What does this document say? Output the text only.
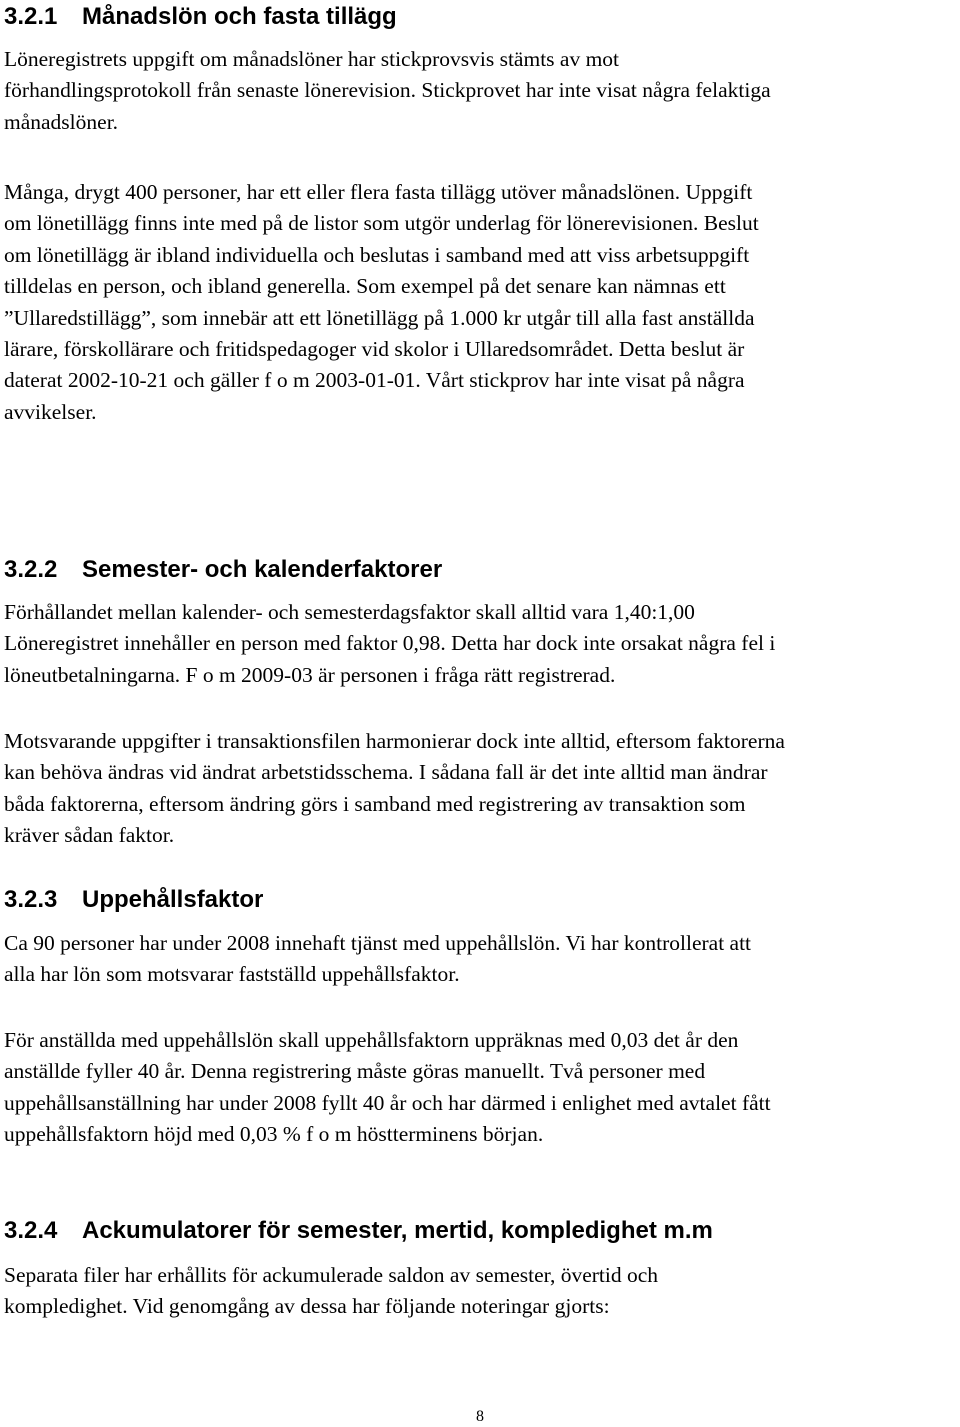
3.2.1 Månadslön och fasta tillägg

Löneregistrets uppgift om månadslöner har stickprovsvis stämts av mot
förhandlingsprotokoll från senaste lönerevision. Stickprovet har inte visat några felaktiga
månadslöner.

Många, drygt 400 personer, har ett eller flera fasta tillägg utöver månadslönen. Uppgift
om lönetillägg finns inte med på de listor som utgör underlag för lönerevisionen. Beslut
om lönetillägg är ibland individuella och beslutas i samband med att viss arbetsuppgift
tilldelas en person, och ibland generella. Som exempel på det senare kan nämnas ett
”Ullaredstillägg”, som innebär att ett lönetillägg på 1.000 kr utgår till alla fast anställda
lärare, förskollärare och fritidspedagoger vid skolor i Ullaredsområdet. Detta beslut är
daterat 2002-10-21 och gäller f o m 2003-01-01. Vårt stickprov har inte visat på några
avvikelser.

3.2.2 Semester- och kalenderfaktorer

Förhållandet mellan kalender- och semesterdagsfaktor skall alltid vara 1,40:1,00
Löneregistret innehåller en person med faktor 0,98. Detta har dock inte orsakat några fel i
löneutbetalningarna. F o m 2009-03 är personen i fråga rätt registrerad.

Motsvarande uppgifter i transaktionsfilen harmonierar dock inte alltid, eftersom faktorerna
kan behöva ändras vid ändrat arbetstidsschema. I sådana fall är det inte alltid man ändrar
båda faktorerna, eftersom ändring görs i samband med registrering av transaktion som
kräver sådan faktor.

3.2.3 Uppehållsfaktor

Ca 90 personer har under 2008 innehaft tjänst med uppehållslön. Vi har kontrollerat att
alla har lön som motsvarar fastställd uppehållsfaktor.

För anställda med uppehållslön skall uppehållsfaktorn uppräknas med 0,03 det år den
anställde fyller 40 år. Denna registrering måste göras manuellt. Två personer med
uppehållsanställning har under 2008 fyllt 40 år och har därmed i enlighet med avtalet fått
uppehållsfaktorn höjd med 0,03 % f o m höstterminens början.

3.2.4 Ackumulatorer för semester, mertid, kompledighet m.m

Separata filer har erhållits för ackumulerade saldon av semester, övertid och
kompledighet. Vid genomgång av dessa har följande noteringar gjorts:

8
